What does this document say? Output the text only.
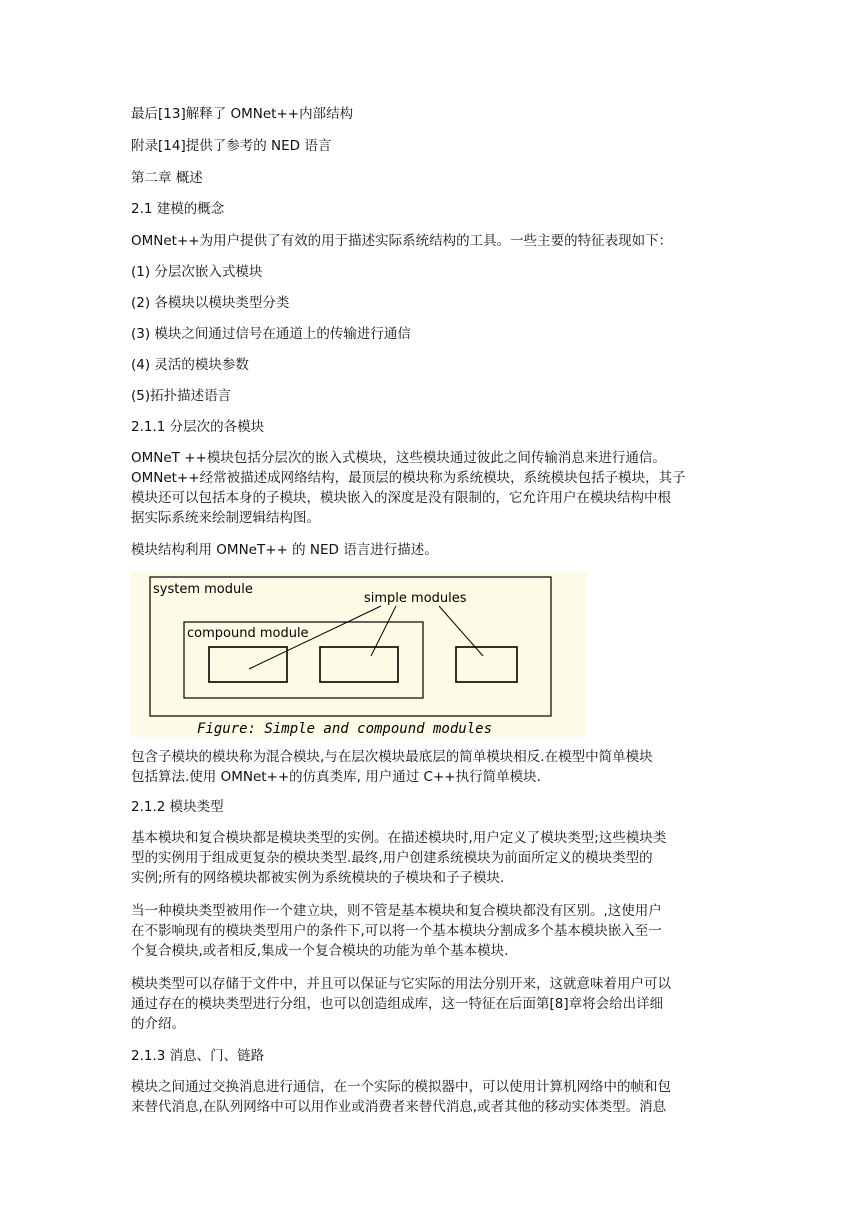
最后[13]解释了 OMNet++内部结构

附录[14]提供了参考的 NED 语言

第二章 概述

2.1 建模的概念

OMNet++为用户提供了有效的用于描述实际系统结构的工具。一些主要的特征表现如下：

(1) 分层次嵌入式模块

(2) 各模块以模块类型分类

(3) 模块之间通过信号在通道上的传输进行通信

(4) 灵活的模块参数

(5)拓扑描述语言

2.1.1 分层次的各模块

OMNeT ++模块包括分层次的嵌入式模块，这些模块通过彼此之间传输消息来进行通信。
OMNet++经常被描述成网络结构，最顶层的模块称为系统模块，系统模块包括子模块，其子
模块还可以包括本身的子模块，模块嵌入的深度是没有限制的，它允许用户在模块结构中根
据实际系统来绘制逻辑结构图。

模块结构利用 OMNeT++ 的 NED 语言进行描述。

system module
simple modules
compound module
Figure: Simple and compound modules
包含子模块的模块称为混合模块,与在层次模块最底层的简单模块相反.在模型中简单模块
包括算法.使用 OMNet++的仿真类库, 用户通过 C++执行简单模块.

2.1.2 模块类型

基本模块和复合模块都是模块类型的实例。在描述模块时,用户定义了模块类型;这些模块类
型的实例用于组成更复杂的模块类型.最终,用户创建系统模块为前面所定义的模块类型的
实例;所有的网络模块都被实例为系统模块的子模块和子子模块.
当一种模块类型被用作一个建立块，则不管是基本模块和复合模块都没有区别。,这使用户
在不影响现有的模块类型用户的条件下,可以将一个基本模块分割成多个基本模块嵌入至一
个复合模块,或者相反,集成一个复合模块的功能为单个基本模块.
模块类型可以存储于文件中，并且可以保证与它实际的用法分别开来，这就意味着用户可以
通过存在的模块类型进行分组，也可以创造组成库，这一特征在后面第[8]章将会给出详细
的介绍。

2.1.3 消息、门、链路

模块之间通过交换消息进行通信，在一个实际的模拟器中，可以使用计算机网络中的帧和包
来替代消息,在队列网络中可以用作业或消费者来替代消息,或者其他的移动实体类型。消息
